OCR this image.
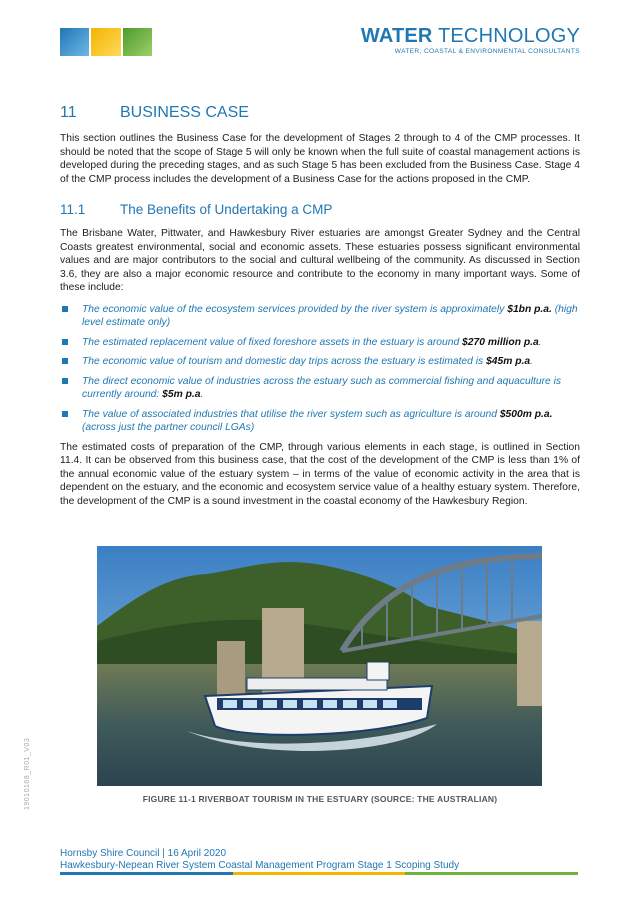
WATER TECHNOLOGY
WATER, COASTAL & ENVIRONMENTAL CONSULTANTS
11	BUSINESS CASE

This section outlines the Business Case for the development of Stages 2 through to 4 of the CMP processes. It should be noted that the scope of Stage 5 will only be known when the full suite of coastal management actions is developed during the preceding stages, and as such Stage 5 has been excluded from the Business Case. Stage 4 of the CMP process includes the development of a Business Case for the actions proposed in the CMP.

11.1	The Benefits of Undertaking a CMP

The Brisbane Water, Pittwater, and Hawkesbury River estuaries are amongst Greater Sydney and the Central Coasts greatest environmental, social and economic assets. These estuaries possess significant environmental values and are major contributors to the social and cultural wellbeing of the community. As discussed in Section 3.6, they are also a major economic resource and contribute to the economy in many important ways. Some of these include:

The economic value of the ecosystem services provided by the river system is approximately $1bn p.a. (high level estimate only)
The estimated replacement value of fixed foreshore assets in the estuary is around $270 million p.a.
The economic value of tourism and domestic day trips across the estuary is estimated is $45m p.a.
The direct economic value of industries across the estuary such as commercial fishing and aquaculture is currently around: $5m p.a.
The value of associated industries that utilise the river system such as agriculture is around $500m p.a. (across just the partner council LGAs)

The estimated costs of preparation of the CMP, through various elements in each stage, is outlined in Section 11.4. It can be observed from this business case, that the cost of the development of the CMP is less than 1% of the annual economic value of the estuary system – in terms of the value of economic activity in the area that is dependent on the estuary, and the economic and ecosystem service value of a healthy estuary system. Therefore, the development of the CMP is a sound investment in the coastal economy of the Hawkesbury Region.

FIGURE 11-1 RIVERBOAT TOURISM IN THE ESTUARY (SOURCE: THE AUSTRALIAN)
19010168_R01_V03
Hornsby Shire Council | 16 April 2020
Hawkesbury-Nepean River System Coastal Management Program Stage 1 Scoping Study
